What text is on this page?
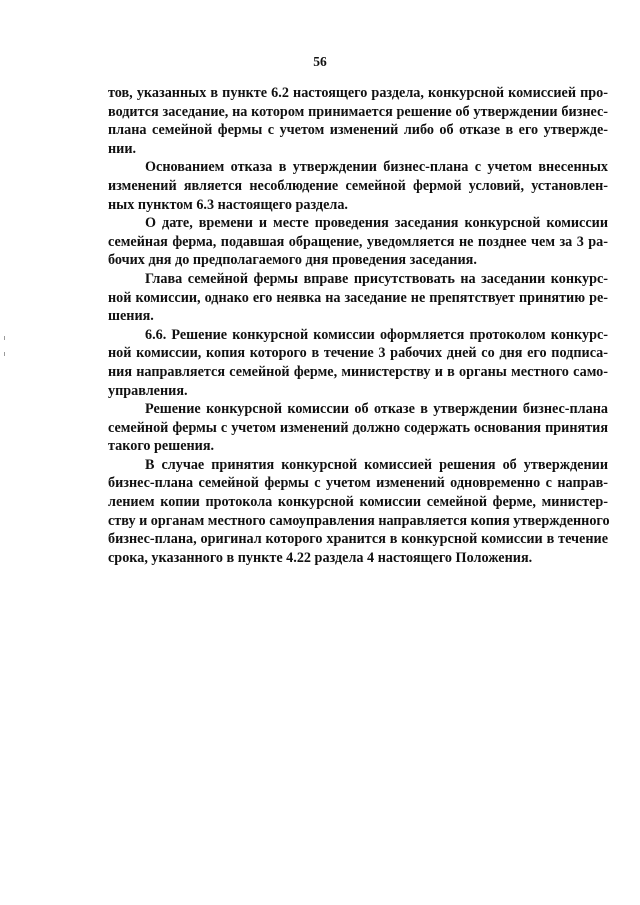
56
тов, указанных в пункте 6.2 настоящего раздела, конкурсной комиссией про-
водится заседание, на котором принимается решение об утверждении бизнес-
плана семейной фермы с учетом изменений либо об отказе в его утвержде-
нии.
Основанием отказа в утверждении бизнес-плана с учетом внесенных
изменений является несоблюдение семейной фермой условий, установлен-
ных пунктом 6.3 настоящего раздела.
О дате, времени и месте проведения заседания конкурсной комиссии
семейная ферма, подавшая обращение, уведомляется не позднее чем за 3 ра-
бочих дня до предполагаемого дня проведения заседания.
Глава семейной фермы вправе присутствовать на заседании конкурс-
ной комиссии, однако его неявка на заседание не препятствует принятию ре-
шения.
6.6. Решение конкурсной комиссии оформляется протоколом конкурс-
ной комиссии, копия которого в течение 3 рабочих дней со дня его подписа-
ния направляется семейной ферме, министерству и в органы местного само-
управления.
Решение конкурсной комиссии об отказе в утверждении бизнес-плана
семейной фермы с учетом изменений должно содержать основания принятия
такого решения.
В случае принятия конкурсной комиссией решения об утверждении
бизнес-плана семейной фермы с учетом изменений одновременно с направ-
лением копии протокола конкурсной комиссии семейной ферме, министер-
ству и органам местного самоуправления направляется копия утвержденного
бизнес-плана, оригинал которого хранится в конкурсной комиссии в течение
срока, указанного в пункте 4.22 раздела 4 настоящего Положения.
